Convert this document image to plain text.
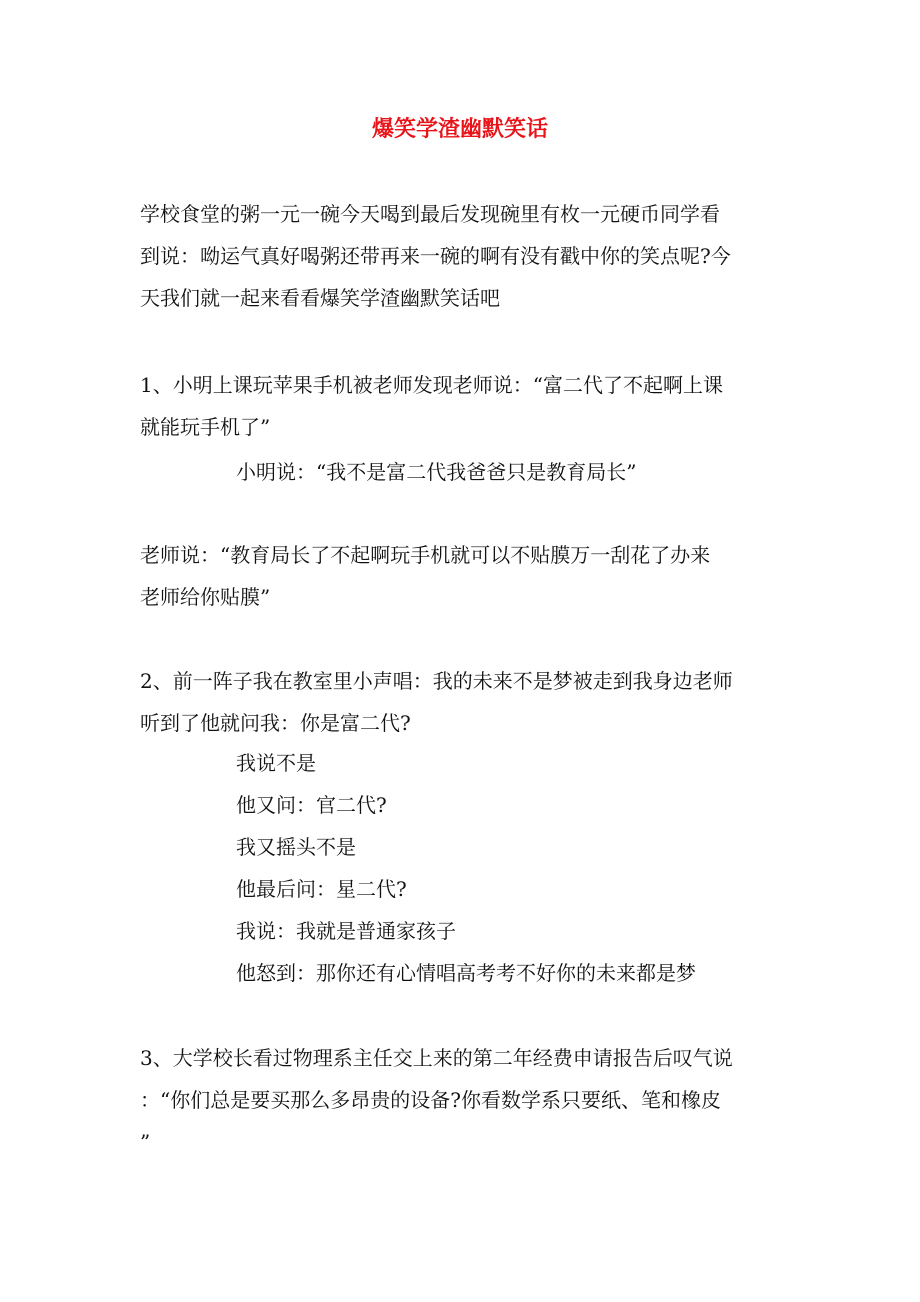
爆笑学渣幽默笑话
学校食堂的粥一元一碗今天喝到最后发现碗里有枚一元硬币同学看
到说：呦运气真好喝粥还带再来一碗的啊有没有戳中你的笑点呢?今
天我们就一起来看看爆笑学渣幽默笑话吧
1、小明上课玩苹果手机被老师发现老师说：“富二代了不起啊上课
就能玩手机了”
小明说：“我不是富二代我爸爸只是教育局长”
老师说：“教育局长了不起啊玩手机就可以不贴膜万一刮花了办来
老师给你贴膜”
2、前一阵子我在教室里小声唱：我的未来不是梦被走到我身边老师
听到了他就问我：你是富二代?
我说不是
他又问：官二代?
我又摇头不是
他最后问：星二代?
我说：我就是普通家孩子
他怒到：那你还有心情唱高考考不好你的未来都是梦
3、大学校长看过物理系主任交上来的第二年经费申请报告后叹气说
：“你们总是要买那么多昂贵的设备?你看数学系只要纸、笔和橡皮
”
